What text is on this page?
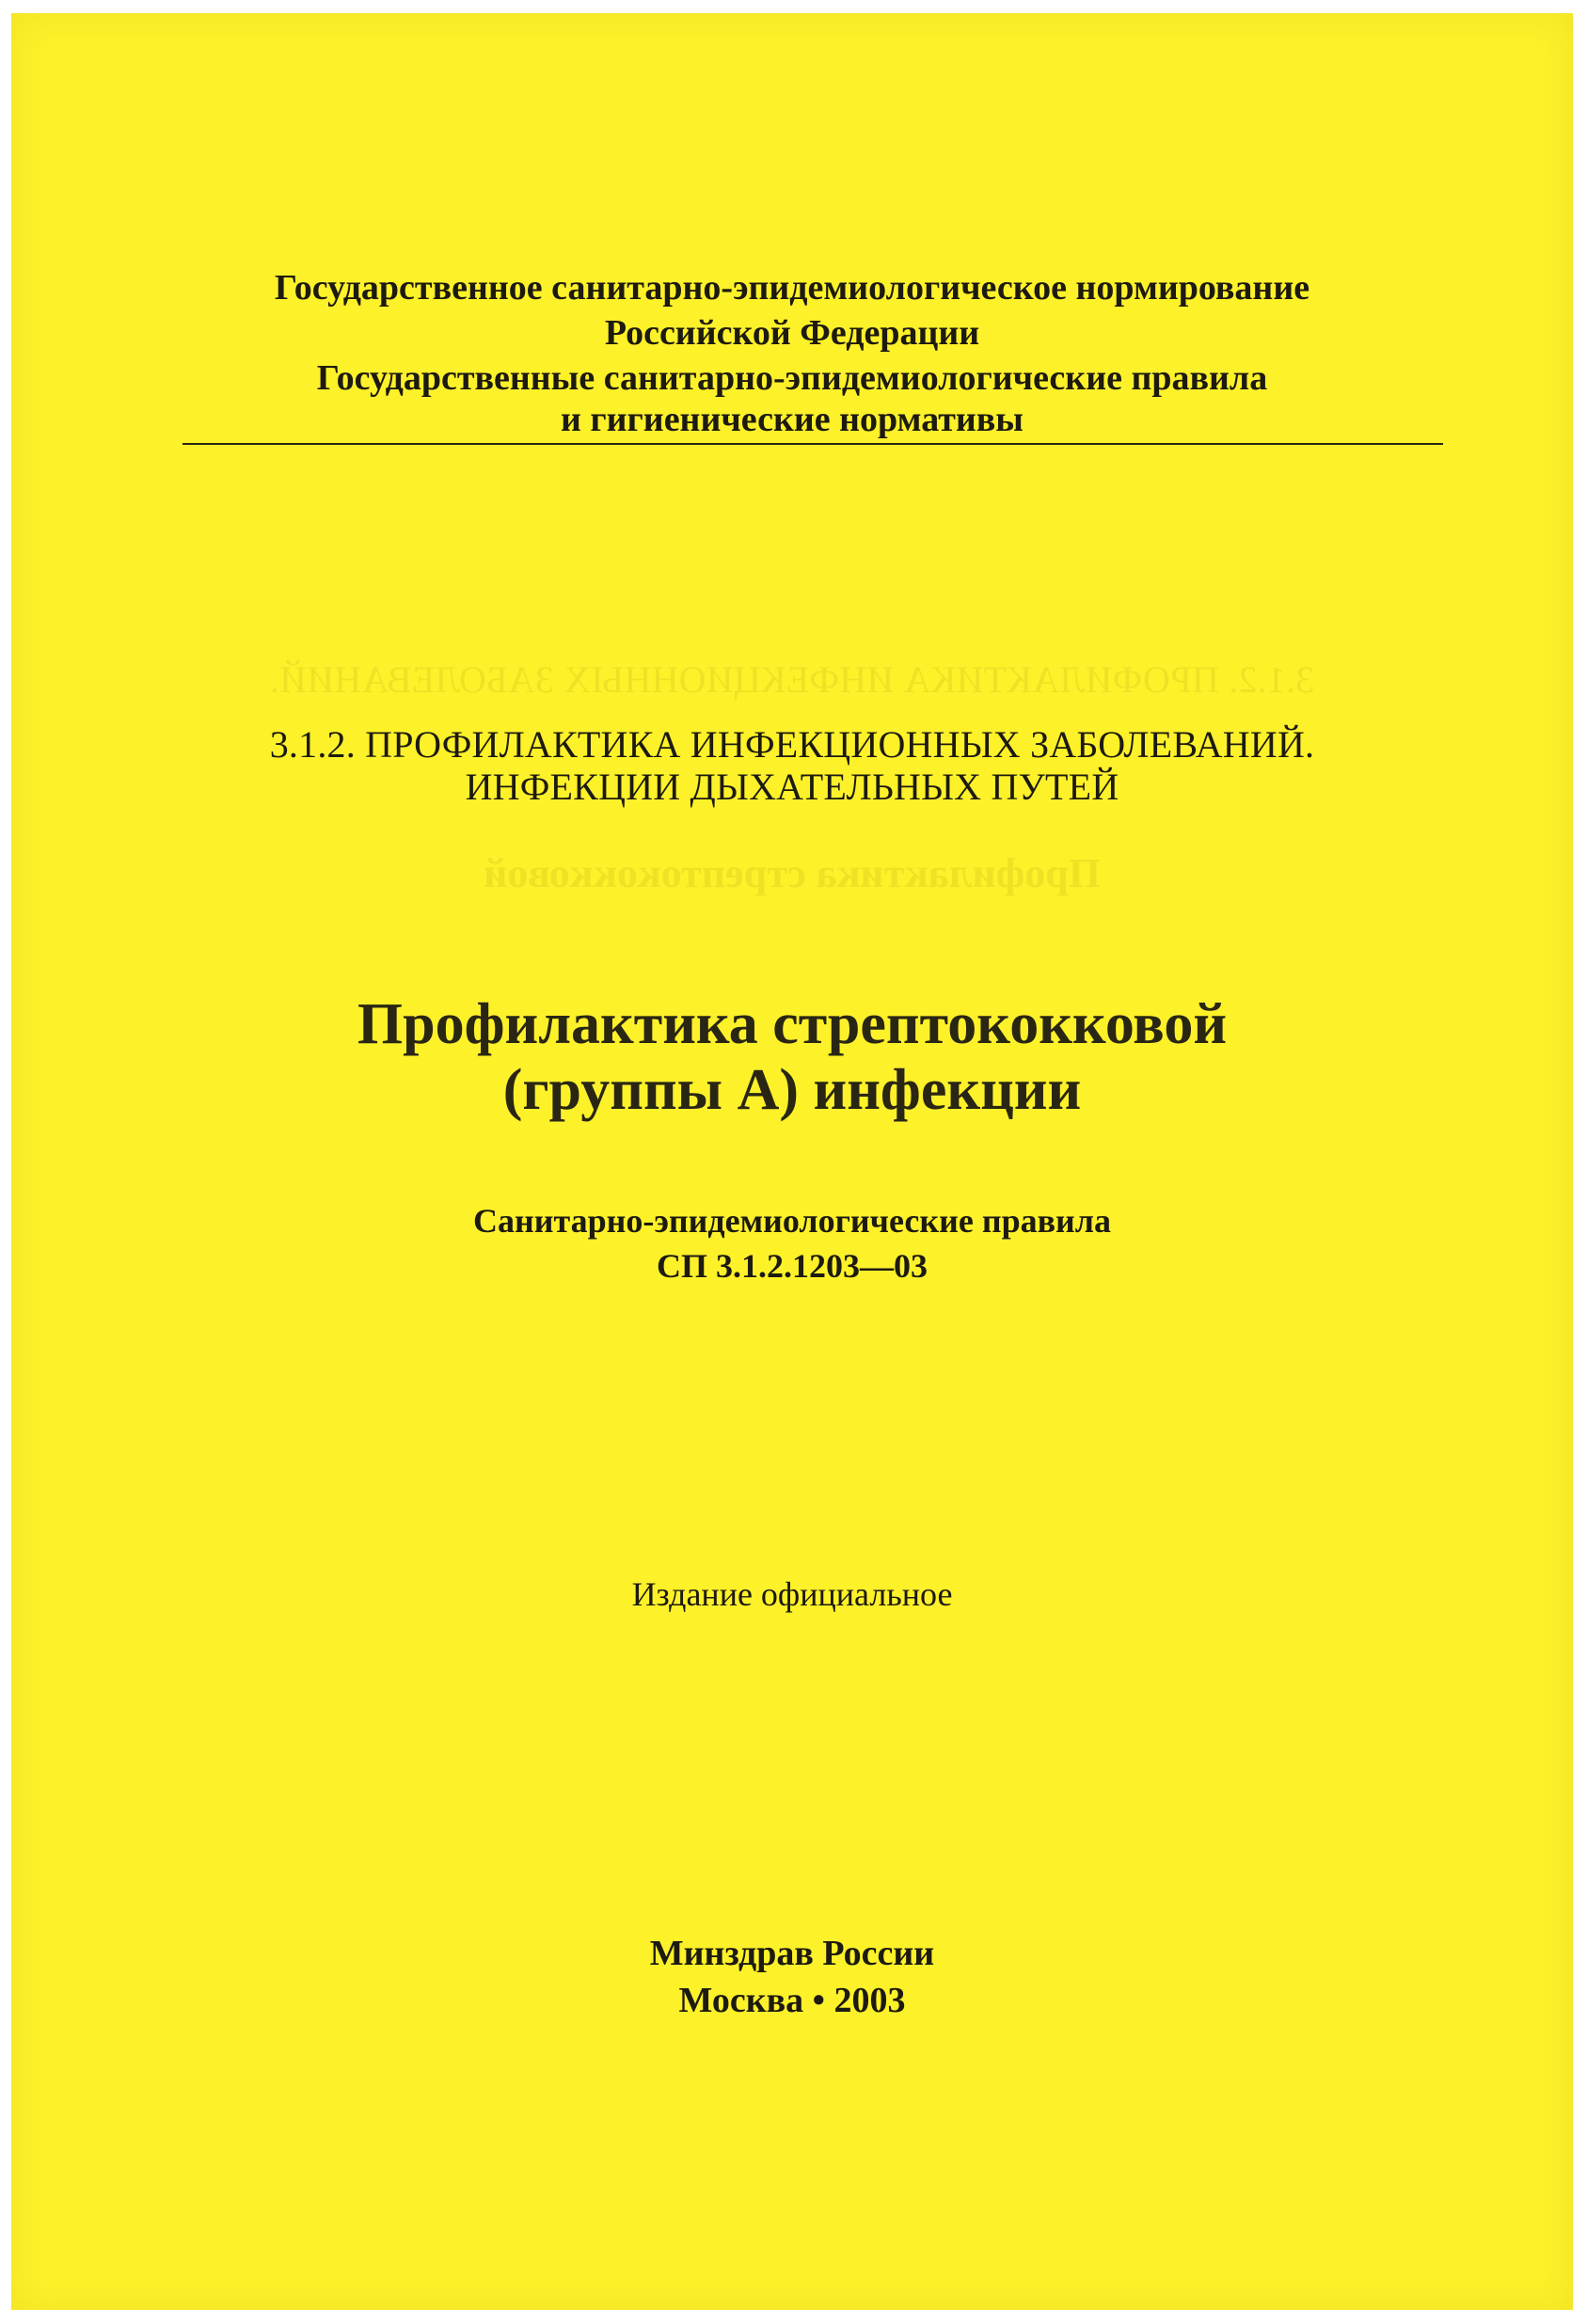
3.1.2. ПРОФИЛАКТИКА ИНФЕКЦИОННЫХ ЗАБОЛЕВАНИЙ.
Профилактика стрептококковой
Государственное санитарно-эпидемиологическое нормирование
Российской Федерации
Государственные санитарно-эпидемиологические правила
и гигиенические нормативы
3.1.2. ПРОФИЛАКТИКА ИНФЕКЦИОННЫХ ЗАБОЛЕВАНИЙ.
ИНФЕКЦИИ ДЫХАТЕЛЬНЫХ ПУТЕЙ
Профилактика стрептококковой
(группы А) инфекции
Санитарно-эпидемиологические правила
СП 3.1.2.1203—03
Издание официальное
Минздрав России
Москва • 2003
